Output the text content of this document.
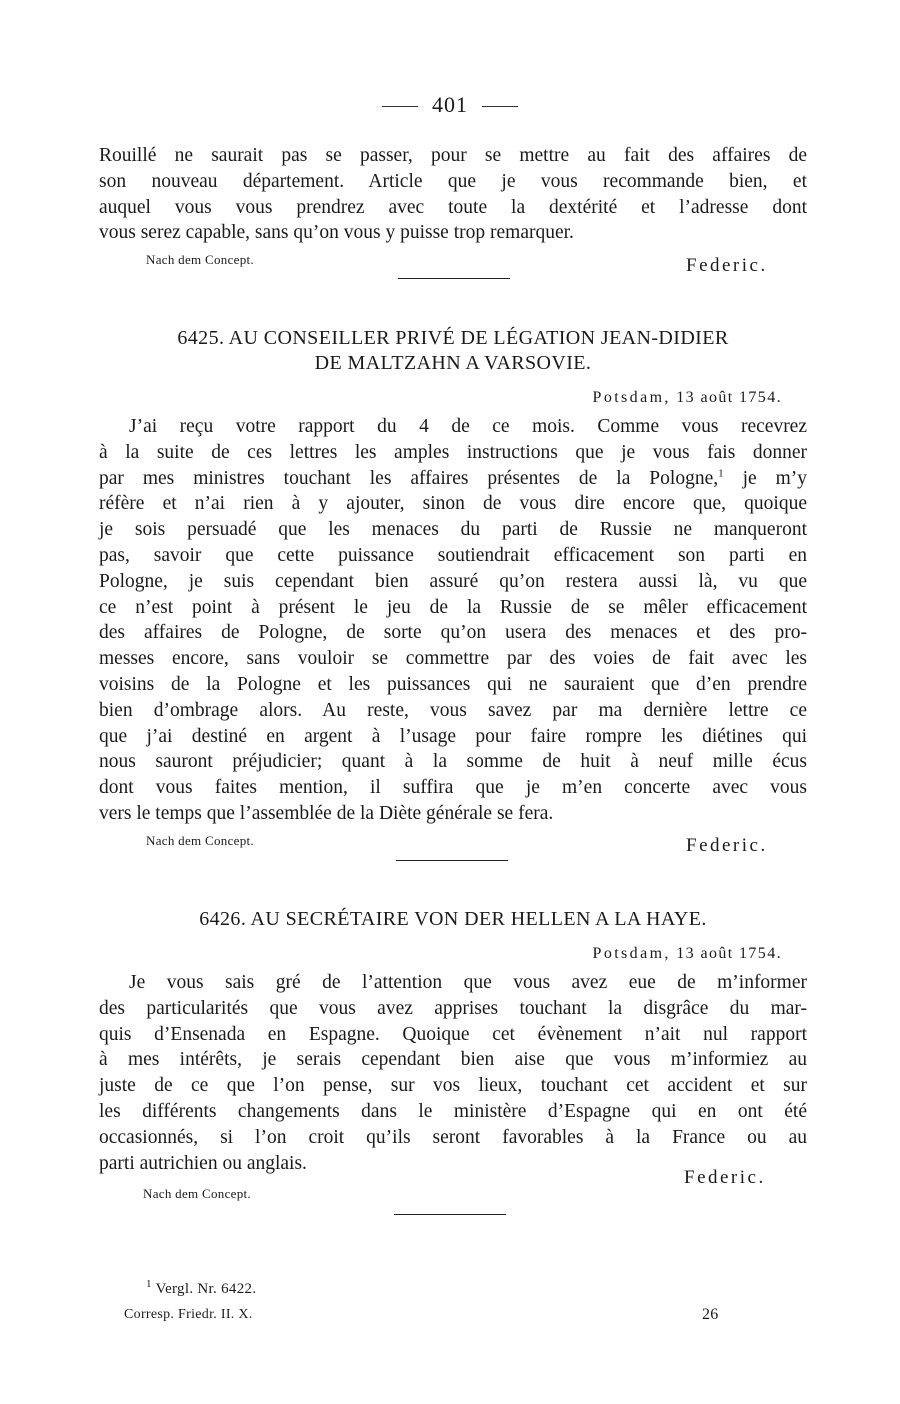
401
Rouillé ne saurait pas se passer, pour se mettre au fait des affaires de
son nouveau département. Article que je vous recommande bien, et
auquel vous vous prendrez avec toute la dextérité et l’adresse dont
vous serez capable, sans qu’on vous y puisse trop remarquer.
Nach dem Concept.	Federic.
6425. AU CONSEILLER PRIVÉ DE LÉGATION JEAN-DIDIER
DE MALTZAHN A VARSOVIE.
Potsdam, 13 août 1754.
J’ai reçu votre rapport du 4 de ce mois. Comme vous recevrez
à la suite de ces lettres les amples instructions que je vous fais donner
par mes ministres touchant les affaires présentes de la Pologne,$^1$ je m’y
réfère et n’ai rien à y ajouter, sinon de vous dire encore que, quoique
je sois persuadé que les menaces du parti de Russie ne manqueront
pas, savoir que cette puissance soutiendrait efficacement son parti en
Pologne, je suis cependant bien assuré qu’on restera aussi là, vu que
ce n’est point à présent le jeu de la Russie de se mêler efficacement
des affaires de Pologne, de sorte qu’on usera des menaces et des pro-
messes encore, sans vouloir se commettre par des voies de fait avec les
voisins de la Pologne et les puissances qui ne sauraient que d’en prendre
bien d’ombrage alors. Au reste, vous savez par ma dernière lettre ce
que j’ai destiné en argent à l’usage pour faire rompre les diétines qui
nous sauront préjudicier; quant à la somme de huit à neuf mille écus
dont vous faites mention, il suffira que je m’en concerte avec vous
vers le temps que l’assemblée de la Diète générale se fera.
Nach dem Concept.	Federic.
6426. AU SECRÉTAIRE VON DER HELLEN A LA HAYE.
Potsdam, 13 août 1754.
Je vous sais gré de l’attention que vous avez eue de m’informer
des particularités que vous avez apprises touchant la disgrâce du mar-
quis d’Ensenada en Espagne. Quoique cet évènement n’ait nul rapport
à mes intérêts, je serais cependant bien aise que vous m’informiez au
juste de ce que l’on pense, sur vos lieux, touchant cet accident et sur
les différents changements dans le ministère d’Espagne qui en ont été
occasionnés, si l’on croit qu’ils seront favorables à la France ou au
parti autrichien ou anglais.
Federic.
Nach dem Concept.
$^1$ Vergl. Nr. 6422.
Corresp. Friedr. II. X.	26
